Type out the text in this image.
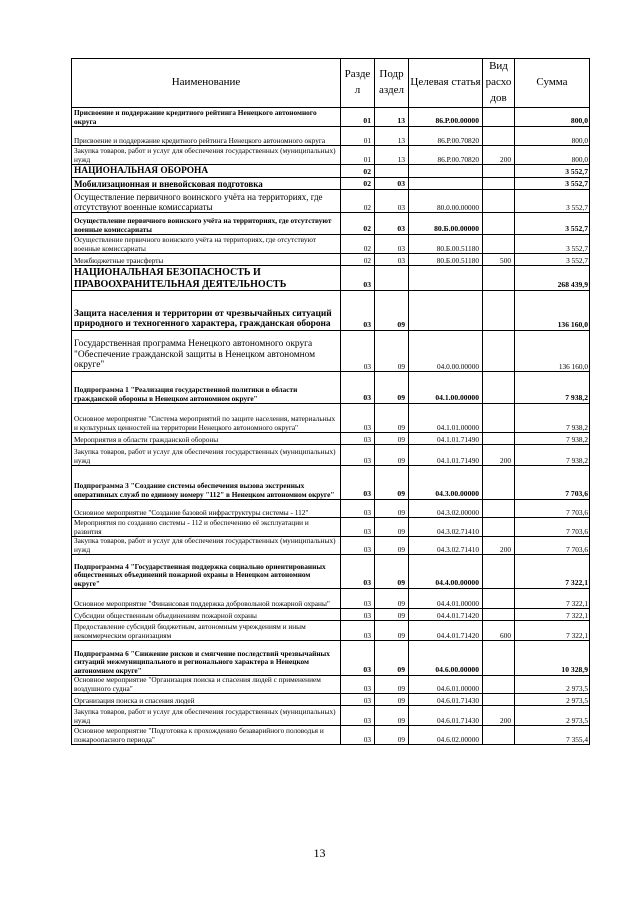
Наименование	Разде л	Подр аздел	Целевая статья	Вид расхо дов	Сумма
Присвоение и поддержание кредитного рейтинга Ненецкого автономного округа	01	13	86.Р.00.00000		800,0
Присвоение и поддержание кредитного рейтинга Ненецкого автономного округа	01	13	86.Р.00.70820		800,0
Закупка товаров, работ и услуг для обеспечения государственных (муниципальных) нужд	01	13	86.Р.00.70820	200	800,0
НАЦИОНАЛЬНАЯ ОБОРОНА	02				3 552,7
Мобилизационная и вневойсковая подготовка	02	03			3 552,7
Осуществление первичного воинского учёта на территориях, где отсутствуют военные комиссариаты	02	03	80.0.00.00000		3 552,7
Осуществление первичного воинского учёта на территориях, где отсутствуют военные комиссариаты	02	03	80.Б.00.00000		3 552,7
Осуществление первичного воинского учёта на территориях, где отсутствуют военные комиссариаты	02	03	80.Б.00.51180		3 552,7
Межбюджетные трансферты	02	03	80.Б.00.51180	500	3 552,7
НАЦИОНАЛЬНАЯ БЕЗОПАСНОСТЬ И ПРАВООХРАНИТЕЛЬНАЯ ДЕЯТЕЛЬНОСТЬ	03				268 439,9
Защита населения и территории от чрезвычайных ситуаций природного и техногенного характера, гражданская оборона	03	09			136 160,0
Государственная программа Ненецкого автономного округа "Обеспечение гражданской защиты в Ненецком автономном округе"	03	09	04.0.00.00000		136 160,0
Подпрограмма 1 "Реализация государственной политики в области гражданской обороны в Ненецком автономном округе"	03	09	04.1.00.00000		7 938,2
Основное мероприятие "Система мероприятий по защите населения, материальных и культурных ценностей на территории Ненецкого автономного округа"	03	09	04.1.01.00000		7 938,2
Мероприятия в области гражданской обороны	03	09	04.1.01.71490		7 938,2
Закупка товаров, работ и услуг для обеспечения государственных (муниципальных) нужд	03	09	04.1.01.71490	200	7 938,2
Подпрограмма 3 "Создание системы обеспечения вызова экстренных оперативных служб по единому номеру "112" в Ненецком автономном округе"	03	09	04.3.00.00000		7 703,6
Основное мероприятие "Создание базовой инфраструктуры системы - 112"	03	09	04.3.02.00000		7 703,6
Мероприятия по созданию системы - 112 и обеспечению её эксплуатации и развития	03	09	04.3.02.71410		7 703,6
Закупка товаров, работ и услуг для обеспечения государственных (муниципальных) нужд	03	09	04.3.02.71410	200	7 703,6
Подпрограмма 4 "Государственная поддержка социально ориентированных общественных объединений пожарной охраны в Ненецком автономном округе"	03	09	04.4.00.00000		7 322,1
Основное мероприятие "Финансовая поддержка добровольной пожарной охраны"	03	09	04.4.01.00000		7 322,1
Субсидии общественным объединениям пожарной охраны	03	09	04.4.01.71420		7 322,1
Предоставление субсидий бюджетным, автономным учреждениям и иным некоммерческим организациям	03	09	04.4.01.71420	600	7 322,1
Подпрограмма 6 "Снижение рисков и смягчение последствий чрезвычайных ситуаций межмуниципального и регионального характера в Ненецком автономном округе"	03	09	04.6.00.00000		10 328,9
Основное мероприятие "Организация поиска и спасения людей с применением воздушного судна"	03	09	04.6.01.00000		2 973,5
Организация поиска и спасения людей	03	09	04.6.01.71430		2 973,5
Закупка товаров, работ и услуг для обеспечения государственных (муниципальных) нужд	03	09	04.6.01.71430	200	2 973,5
Основное мероприятие "Подготовка к прохождению безаварийного половодья и пожароопасного периода"	03	09	04.6.02.00000		7 355,4
13
